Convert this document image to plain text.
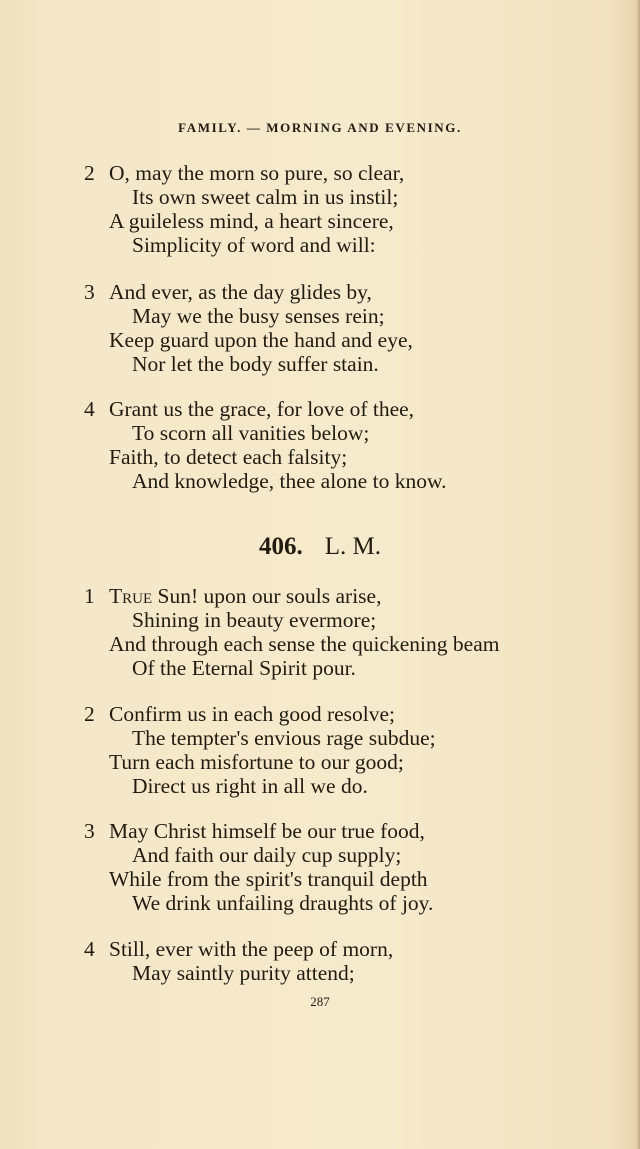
FAMILY. — MORNING AND EVENING.
2 O, may the morn so pure, so clear,
Its own sweet calm in us instil;
A guileless mind, a heart sincere,
Simplicity of word and will:
3 And ever, as the day glides by,
May we the busy senses rein;
Keep guard upon the hand and eye,
Nor let the body suffer stain.
4 Grant us the grace, for love of thee,
To scorn all vanities below;
Faith, to detect each falsity;
And knowledge, thee alone to know.
406. L. M.
1 True Sun! upon our souls arise,
Shining in beauty evermore;
And through each sense the quickening beam
Of the Eternal Spirit pour.
2 Confirm us in each good resolve;
The tempter's envious rage subdue;
Turn each misfortune to our good;
Direct us right in all we do.
3 May Christ himself be our true food,
And faith our daily cup supply;
While from the spirit's tranquil depth
We drink unfailing draughts of joy.
4 Still, ever with the peep of morn,
May saintly purity attend;
287
